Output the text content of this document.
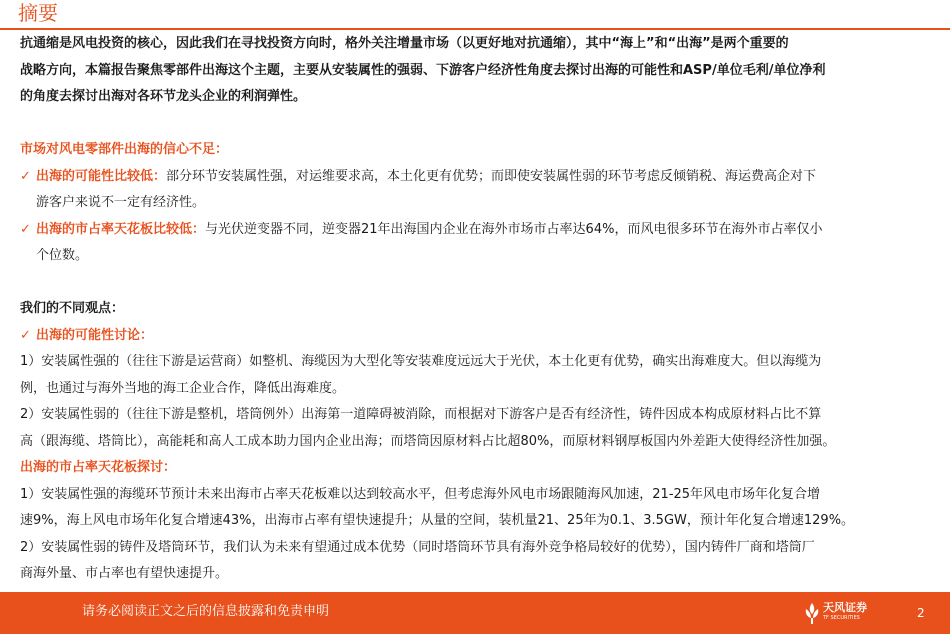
摘要

抗通缩是风电投资的核心，因此我们在寻找投资方向时，格外关注增量市场（以更好地对抗通缩），其中“海上”和“出海”是两个重要的

战略方向，本篇报告聚焦零部件出海这个主题，主要从安装属性的强弱、下游客户经济性角度去探讨出海的可能性和ASP/单位毛利/单位净利

的角度去探讨出海对各环节龙头企业的利润弹性。

市场对风电零部件出海的信心不足：

✓ 出海的可能性比较低：部分环节安装属性强，对运维要求高，本土化更有优势；而即使安装属性弱的环节考虑反倾销税、海运费高企对下

游客户来说不一定有经济性。

✓ 出海的市占率天花板比较低：与光伏逆变器不同，逆变器21年出海国内企业在海外市场市占率达64%，而风电很多环节在海外市占率仅小

个位数。

我们的不同观点：

✓ 出海的可能性讨论：

1）安装属性强的（往往下游是运营商）如整机、海缆因为大型化等安装难度远远大于光伏，本土化更有优势，确实出海难度大。但以海缆为

例，也通过与海外当地的海工企业合作，降低出海难度。

2）安装属性弱的（往往下游是整机，塔筒例外）出海第一道障碍被消除，而根据对下游客户是否有经济性，铸件因成本构成原材料占比不算

高（跟海缆、塔筒比），高能耗和高人工成本助力国内企业出海；而塔筒因原材料占比超80%，而原材料钢厚板国内外差距大使得经济性加强。

出海的市占率天花板探讨：

1）安装属性强的海缆环节预计未来出海市占率天花板难以达到较高水平，但考虑海外风电市场跟随海风加速，21-25年风电市场年化复合增

速9%，海上风电市场年化复合增速43%，出海市占率有望快速提升；从量的空间，装机量21、25年为0.1、3.5GW，预计年化复合增速129%。

2）安装属性弱的铸件及塔筒环节，我们认为未来有望通过成本优势（同时塔筒环节具有海外竞争格局较好的优势），国内铸件厂商和塔筒厂

商海外量、市占率也有望快速提升。

请务必阅读正文之后的信息披露和免责申明	天风证券
TF SECURITIES	2
